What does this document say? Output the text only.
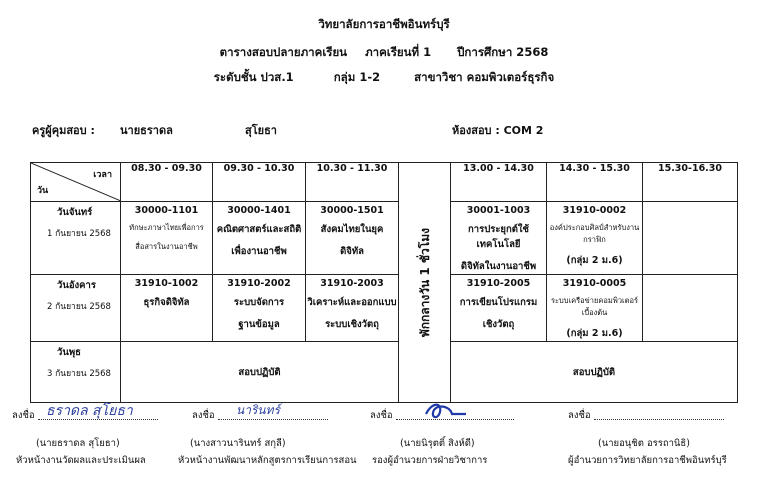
วิทยาลัยการอาชีพอินทร์บุรี
ตารางสอบปลายภาคเรียน ภาคเรียนที่ 1 ปีการศึกษา 2568
ระดับชั้น ปวส.1	กลุ่ม 1-2	สาขาวิชา คอมพิวเตอร์ธุรกิจ
ครูผู้คุมสอบ : นายธราดล	สุโยธา	ห้องสอบ : COM 2
เวลา
วัน	08.30 - 09.30	09.30 - 10.30	10.30 - 11.30	พักกลางวัน 1 ชั่วโมง	13.00 - 14.30	14.30 - 15.30	15.30-16.30

วันจันทร์
1 กันยายน 2568	30000-1101
ทักษะภาษาไทยเพื่อการ
สื่อสารในงานอาชีพ	30000-1401
คณิตศาสตร์และสถิติ
เพื่องานอาชีพ	30000-1501
สังคมไทยในยุค
ดิจิทัล		30001-1003
การประยุกต์ใช้เทคโนโลยี
ดิจิทัลในงานอาชีพ	31910-0002
องค์ประกอบศิลป์สำหรับงานกราฟิก
(กลุ่ม 2 ม.6)	

วันอังคาร
2 กันยายน 2568	31910-1002
ธุรกิจดิจิทัล	31910-2002
ระบบจัดการ
ฐานข้อมูล	31910-2003
วิเคราะห์และออกแบบ
ระบบเชิงวัตถุ		31910-2005
การเขียนโปรแกรม
เชิงวัตถุ	31910-0005
ระบบเครือข่ายคอมพิวเตอร์เบื้องต้น
(กลุ่ม 2 ม.6)	

วันพุธ
3 กันยายน 2568	สอบปฏิบัติ				สอบปฏิบัติ		
ลงชื่อ ธราดล สุโยธา
(นายธราดล สุโยธา)
หัวหน้างานวัดผลและประเมินผล
ลงชื่อ นารินทร์
(นางสาวนารินทร์ สกุลี)
หัวหน้างานพัฒนาหลักสูตรการเรียนการสอน
ลงชื่อ
(นายนิรุตติ์ สิงห์ดี)
รองผู้อำนวยการฝ่ายวิชาการ
ลงชื่อ
(นายอนุชิต อรรถานิธิ)
ผู้อำนวยการวิทยาลัยการอาชีพอินทร์บุรี
